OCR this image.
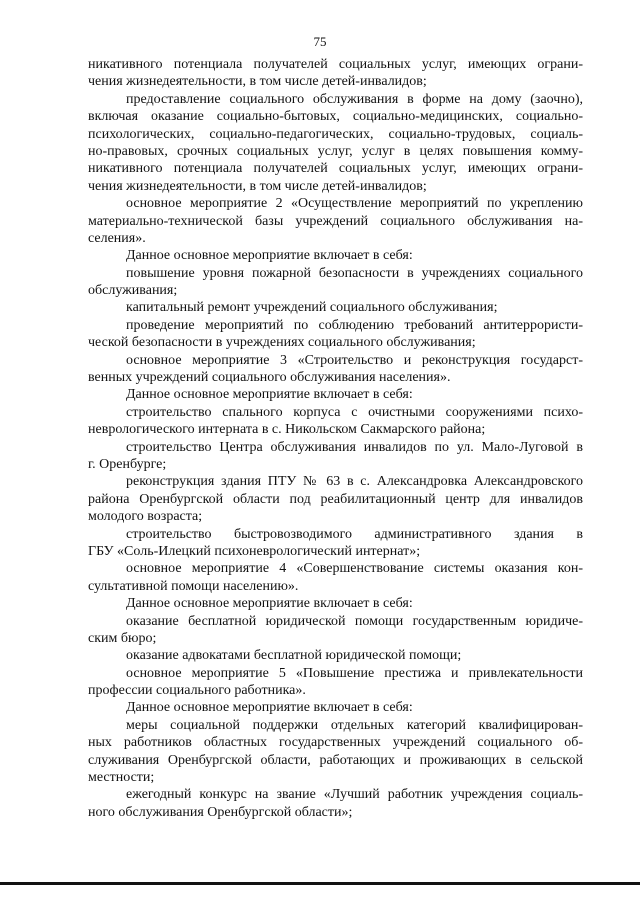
75
никативного потенциала получателей социальных услуг, имеющих ограни-
чения жизнедеятельности, в том числе детей-инвалидов;
предоставление социального обслуживания в форме на дому (заочно),
включая оказание социально-бытовых, социально-медицинских, социально-
психологических, социально-педагогических, социально-трудовых, социаль-
но-правовых, срочных социальных услуг, услуг в целях повышения комму-
никативного потенциала получателей социальных услуг, имеющих ограни-
чения жизнедеятельности, в том числе детей-инвалидов;
основное мероприятие 2 «Осуществление мероприятий по укреплению
материально-технической базы учреждений социального обслуживания на-
селения».
Данное основное мероприятие включает в себя:
повышение уровня пожарной безопасности в учреждениях социального
обслуживания;
капитальный ремонт учреждений социального обслуживания;
проведение мероприятий по соблюдению требований антитеррористи-
ческой безопасности в учреждениях социального обслуживания;
основное мероприятие 3 «Строительство и реконструкция государст-
венных учреждений социального обслуживания населения».
Данное основное мероприятие включает в себя:
строительство спального корпуса с очистными сооружениями психо-
неврологического интерната в с. Никольском Сакмарского района;
строительство Центра обслуживания инвалидов по ул. Мало-Луговой в
г. Оренбурге;
реконструкция здания ПТУ № 63 в с. Александровка Александровского
района Оренбургской области под реабилитационный центр для инвалидов
молодого возраста;
строительство быстровозводимого административного здания в
ГБУ «Соль-Илецкий психоневрологический интернат»;
основное мероприятие 4 «Совершенствование системы оказания кон-
сультативной помощи населению».
Данное основное мероприятие включает в себя:
оказание бесплатной юридической помощи государственным юридиче-
ским бюро;
оказание адвокатами бесплатной юридической помощи;
основное мероприятие 5 «Повышение престижа и привлекательности
профессии социального работника».
Данное основное мероприятие включает в себя:
меры социальной поддержки отдельных категорий квалифицирован-
ных работников областных государственных учреждений социального об-
служивания Оренбургской области, работающих и проживающих в сельской
местности;
ежегодный конкурс на звание «Лучший работник учреждения социаль-
ного обслуживания Оренбургской области»;
